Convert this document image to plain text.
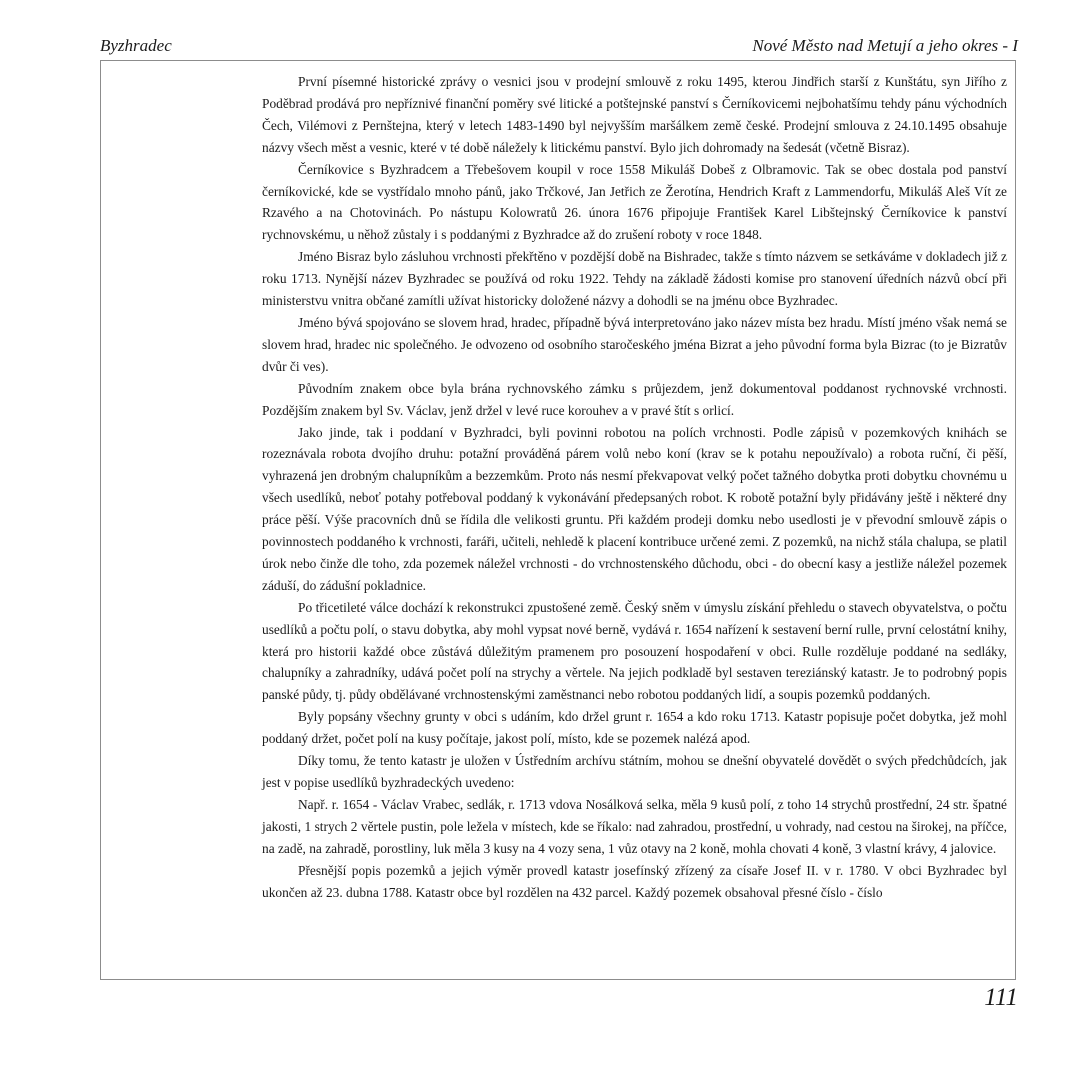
Byzhradec	Nové Město nad Metují a jeho okres - I

První písemné historické zprávy o vesnici jsou v prodejní smlouvě z roku 1495, kterou Jindřich starší z Kunštátu, syn Jiřího z Poděbrad prodává pro nepříznivé finanční poměry své litické a potštejnské panství s Černíkovicemi nejbohatšímu tehdy pánu východních Čech, Vilémovi z Pernštejna, který v letech 1483-1490 byl nejvyšším maršálkem země české. Prodejní smlouva z 24.10.1495 obsahuje názvy všech měst a vesnic, které v té době náležely k litickému panství. Bylo jich dohromady na šedesát (včetně Bisraz).

Černíkovice s Byzhradcem a Třebešovem koupil v roce 1558 Mikuláš Dobeš z Olbramovic. Tak se obec dostala pod panství černíkovické, kde se vystřídalo mnoho pánů, jako Trčkové, Jan Jetřich ze Žerotína, Hendrich Kraft z Lammendorfu, Mikuláš Aleš Vít ze Rzavého a na Chotovinách. Po nástupu Kolowratů 26. února 1676 připojuje František Karel Libštejnský Černíkovice k panství rychnovskému, u něhož zůstaly i s poddanými z Byzhradce až do zrušení roboty v roce 1848.

Jméno Bisraz bylo zásluhou vrchnosti překřtěno v pozdější době na Bishradec, takže s tímto názvem se setkáváme v dokladech již z roku 1713. Nynější název Byzhradec se používá od roku 1922. Tehdy na základě žádosti komise pro stanovení úředních názvů obcí při ministerstvu vnitra občané zamítli užívat historicky doložené názvy a dohodli se na jménu obce Byzhradec.

Jméno bývá spojováno se slovem hrad, hradec, případně bývá interpretováno jako název místa bez hradu. Místí jméno však nemá se slovem hrad, hradec nic společného. Je odvozeno od osobního staročeského jména Bizrat a jeho původní forma byla Bizrac (to je Bizratův dvůr či ves).

Původním znakem obce byla brána rychnovského zámku s průjezdem, jenž dokumentoval poddanost rychnovské vrchnosti. Pozdějším znakem byl Sv. Václav, jenž držel v levé ruce korouhev a v pravé štít s orlicí.

Jako jinde, tak i poddaní v Byzhradci, byli povinni robotou na polích vrchnosti. Podle zápisů v pozemkových knihách se rozeznávala robota dvojího druhu: potažní prováděná párem volů nebo koní (krav se k potahu nepoužívalo) a robota ruční, či pěší, vyhrazená jen drobným chalupníkům a bezzemkům. Proto nás nesmí překvapovat velký počet tažného dobytka proti dobytku chovnému u všech usedlíků, neboť potahy potřeboval poddaný k vykonávání předepsaných robot. K robotě potažní byly přidávány ještě i některé dny práce pěší. Výše pracovních dnů se řídila dle velikosti gruntu. Při každém prodeji domku nebo usedlosti je v převodní smlouvě zápis o povinnostech poddaného k vrchnosti, faráři, učiteli, nehledě k placení kontribuce určené zemi. Z pozemků, na nichž stála chalupa, se platil úrok nebo činže dle toho, zda pozemek náležel vrchnosti - do vrchnostenského důchodu, obci - do obecní kasy a jestliže náležel pozemek záduší, do zádušní pokladnice.

Po třicetileté válce dochází k rekonstrukci zpustošené země. Český sněm v úmyslu získání přehledu o stavech obyvatelstva, o počtu usedlíků a počtu polí, o stavu dobytka, aby mohl vypsat nové berně, vydává r. 1654 nařízení k sestavení berní rulle, první celostátní knihy, která pro historii každé obce zůstává důležitým pramenem pro posouzení hospodaření v obci. Rulle rozděluje poddané na sedláky, chalupníky a zahradníky, udává počet polí na strychy a věrtele. Na jejich podkladě byl sestaven tereziánský katastr. Je to podrobný popis panské půdy, tj. půdy obdělávané vrchnostenskými zaměstnanci nebo robotou poddaných lidí, a soupis pozemků poddaných.

Byly popsány všechny grunty v obci s udáním, kdo držel grunt r. 1654 a kdo roku 1713. Katastr popisuje počet dobytka, jež mohl poddaný držet, počet polí na kusy počítaje, jakost polí, místo, kde se pozemek nalézá apod.

Díky tomu, že tento katastr je uložen v Ústředním archívu státním, mohou se dnešní obyvatelé dovědět o svých předchůdcích, jak jest v popise usedlíků byzhradeckých uvedeno:

Např. r. 1654 - Václav Vrabec, sedlák, r. 1713 vdova Nosálková selka, měla 9 kusů polí, z toho 14 strychů prostřední, 24 str. špatné jakosti, 1 strych 2 věrtele pustin, pole ležela v místech, kde se říkalo: nad zahradou, prostřední, u vohrady, nad cestou na širokej, na příčce, na zadě, na zahradě, porostliny, luk měla 3 kusy na 4 vozy sena, 1 vůz otavy na 2 koně, mohla chovati 4 koně, 3 vlastní krávy, 4 jalovice.

Přesnější popis pozemků a jejich výměr provedl katastr josefínský zřízený za císaře Josef II. v r. 1780. V obci Byzhradec byl ukončen až 23. dubna 1788. Katastr obce byl rozdělen na 432 parcel. Každý pozemek obsahoval přesné číslo - číslo

111
